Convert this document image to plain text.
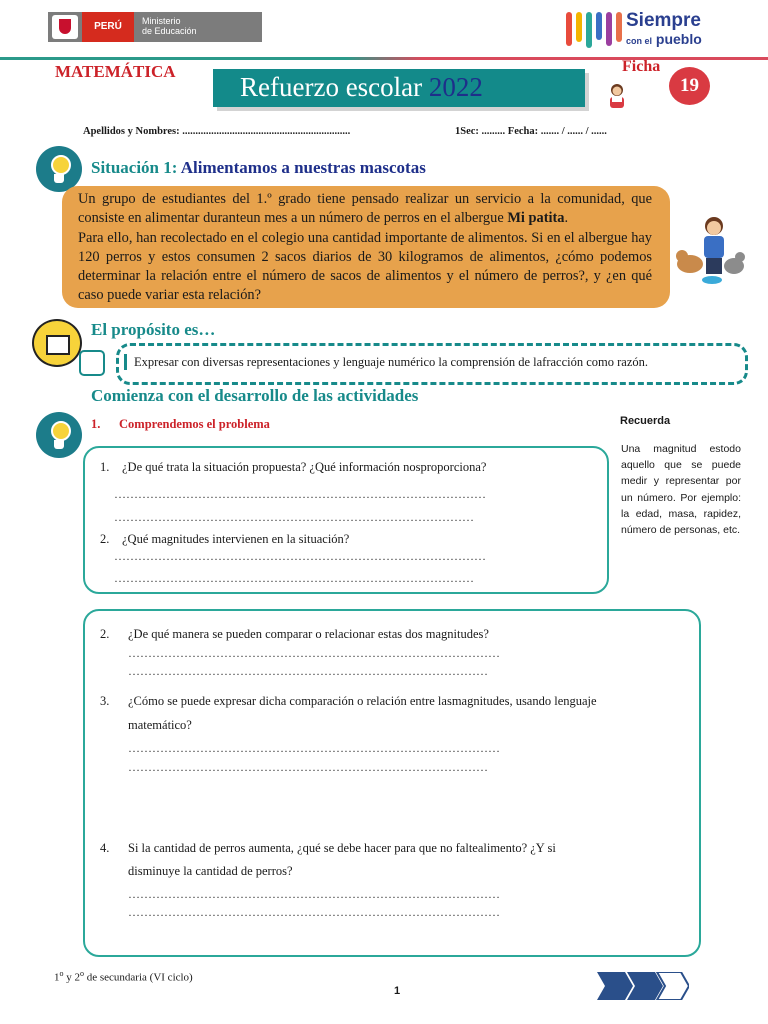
PERÚ	Ministerio
de Educación	Siempre
con el pueblo
MATEMÁTICA
Refuerzo escolar 2022
Ficha
19
Apellidos y Nombres: ................................................................	1Sec: ......... Fecha: ....... / ...... / ......
Situación 1: Alimentamos a nuestras mascotas

Un grupo de estudiantes del 1.º grado tiene pensado realizar un servicio a la comunidad, que consiste en alimentar duranteun mes a un número de perros en el albergue Mi patita.

Para ello, han recolectado en el colegio una cantidad importante de alimentos. Si en el albergue hay 120 perros y estos consumen 2 sacos diarios de 30 kilogramos de alimentos, ¿cómo podemos determinar la relación entre el número de sacos de alimentos y el número de perros?, y ¿en qué caso puede variar esta relación?

El propósito es…
Expresar con diversas representaciones y lenguaje numérico la comprensión de lafracción como razón.
Comienza con el desarrollo de las actividades
1. Comprendemos el problema
1. ¿De qué trata la situación propuesta? ¿Qué información nosproporciona?
…………………………………………………………………………………
………………………………………………………………………………
2. ¿Qué magnitudes intervienen en la situación?
…………………………………………………………………………………
………………………………………………………………………………
Recuerda
Una magnitud estodo aquello que se puede medir y representar por un número. Por ejemplo: la edad, masa, rapidez, número de personas, etc.
2. ¿De qué manera se pueden comparar o relacionar estas dos magnitudes?
…………………………………………………………………………………
………………………………………………………………………………
3. ¿Cómo se puede expresar dicha comparación o relación entre lasmagnitudes, usando lenguaje
matemático?
…………………………………………………………………………………
………………………………………………………………………………
4. Si la cantidad de perros aumenta, ¿qué se debe hacer para que no faltealimento? ¿Y si
disminuye la cantidad de perros?
…………………………………………………………………………………
…………………………………………………………………………………
1$^o$ y 2$^o$ de secundaria (VI ciclo)
1
